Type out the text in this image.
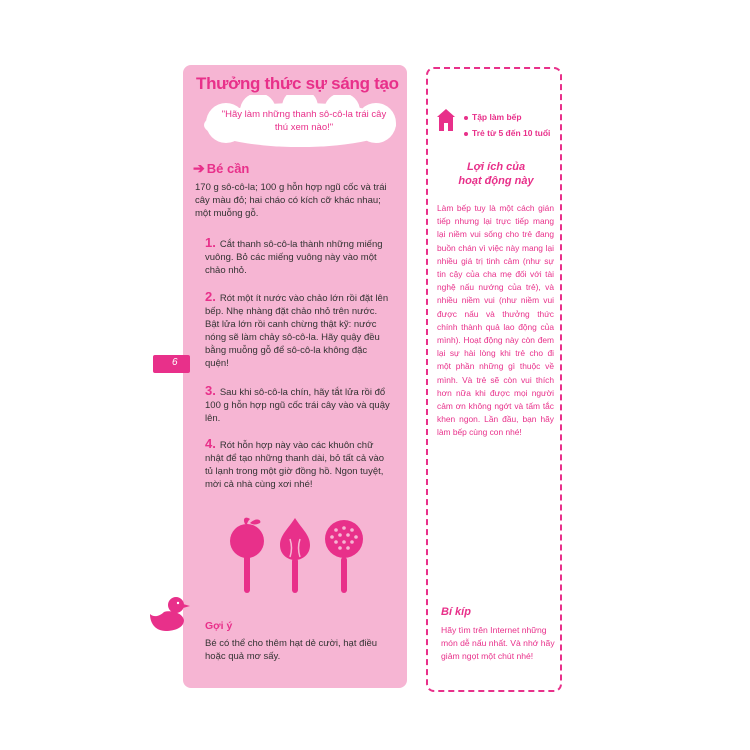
Thưởng thức sự sáng tạo
"Hãy làm những thanh sô-cô-la trái cây thú xem nào!"
➔ Bé cần
170 g sô-cô-la; 100 g hỗn hợp ngũ cốc và trái cây màu đỏ; hai cháo có kích cỡ khác nhau; một muỗng gỗ.
1. Cắt thanh sô-cô-la thành những miếng vuông. Bỏ các miếng vuông này vào một chảo nhỏ.
2. Rót một ít nước vào chảo lớn rồi đặt lên bếp. Nhẹ nhàng đặt chảo nhỏ trên nước. Bật lửa lớn rồi canh chừng thật kỹ: nước nóng sẽ làm chảy sô-cô-la. Hãy quậy đều bằng muỗng gỗ để sô-cô-la không đặc quện!
3. Sau khi sô-cô-la chín, hãy tắt lửa rồi đổ 100 g hỗn hợp ngũ cốc trái cây vào và quậy lên.
4. Rót hỗn hợp này vào các khuôn chữ nhật để tạo những thanh dài, bỏ tất cả vào tủ lạnh trong một giờ đồng hồ. Ngon tuyệt, mời cả nhà cùng xơi nhé!
6
Gợi ý
Bé có thể cho thêm hạt dẻ cười, hạt điều hoặc quả mơ sấy.
Tập làm bếp
Trẻ từ 5 đến 10 tuổi
Lợi ích của
hoạt động này
Làm bếp tuy là một cách gián tiếp nhưng lại trực tiếp mang lại niềm vui sống cho trẻ đang buồn chán vì việc này mang lại nhiều giá trị tinh cảm (như sự tin cậy của cha mẹ đối với tài nghệ nấu nướng của trẻ), và nhiều niềm vui (như niềm vui được nấu và thưởng thức chính thành quả lao động của mình). Hoạt động này còn đem lại sự hài lòng khi trẻ cho đi một phần những gì thuộc về mình. Và trẻ sẽ còn vui thích hơn nữa khi được mọi người cảm ơn không ngớt và tấm tắc khen ngon. Lần đầu, bạn hãy làm bếp cùng con nhé!
Bí kíp
Hãy tìm trên Internet những món dễ nấu nhất. Và nhớ hãy giảm ngọt một chút nhé!
